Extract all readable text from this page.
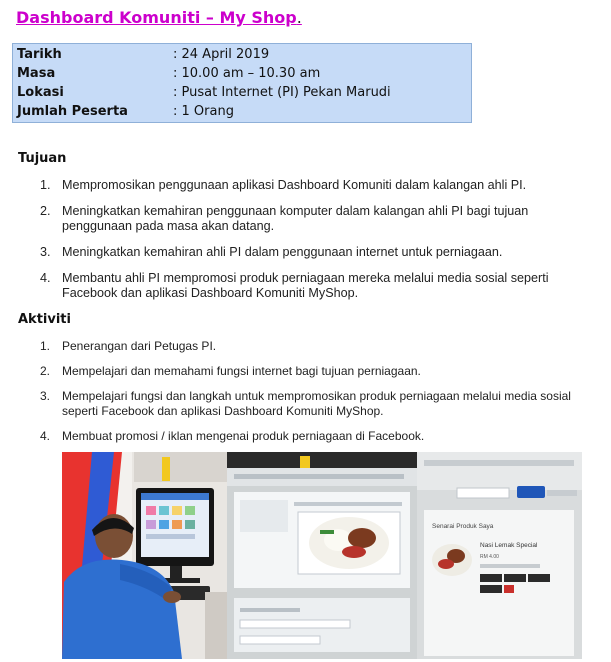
Dashboard Komuniti – My Shop.
Tarikh	: 24 April 2019
Masa	: 10.00 am – 10.30 am
Lokasi	: Pusat Internet (PI) Pekan Marudi
Jumlah Peserta	: 1 Orang
Tujuan
1. Mempromosikan penggunaan aplikasi Dashboard Komuniti dalam kalangan ahli PI.
2. Meningkatkan kemahiran penggunaan komputer dalam kalangan ahli PI bagi tujuan penggunaan pada masa akan datang.
3. Meningkatkan kemahiran ahli PI dalam penggunaan internet untuk perniagaan.
4. Membantu ahli PI mempromosi produk perniagaan mereka melalui media sosial seperti Facebook dan aplikasi Dashboard Komuniti MyShop.
Aktiviti
1. Penerangan dari Petugas PI.
2. Mempelajari dan memahami fungsi internet bagi tujuan perniagaan.
3. Mempelajari fungsi dan langkah untuk mempromosikan produk perniagaan melalui media sosial seperti Facebook dan aplikasi Dashboard Komuniti MyShop.
4. Membuat promosi / iklan mengenai produk perniagaan di Facebook.
Senarai Produk Saya
Nasi Lemak Special
RM 4.00
